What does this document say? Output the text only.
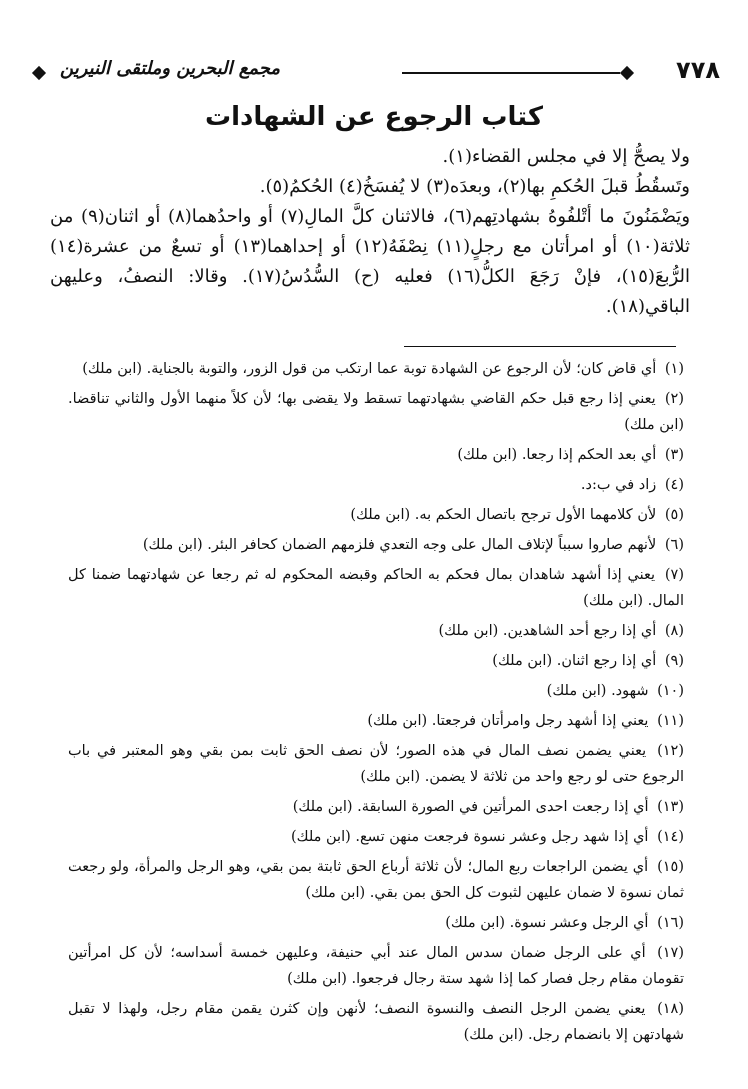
٧٧٨
مجمع البحرين وملتقى النيرين
كتاب الرجوع عن الشهادات

ولا يصحُّ إلا في مجلس القضاء(١).

وتَسقُطُ قبلَ الحُكمِ بها(٢)، وبعدَه(٣) لا يُفسَخُ(٤) الحُكمُ(٥).

ويَضْمَنُونَ ما أتْلفُوهُ بشهادتِهم(٦)، فالاثنان كلَّ المالِ(٧) أو واحدُهما(٨) أو اثنان(٩) من ثلاثة(١٠) أو امرأتان مع رجلٍ(١١) نِصْفَهُ(١٢) أو إحداهما(١٣) أو تسعٌ من عشرة(١٤) الرُّبعَ(١٥)، فإنْ رَجَعَ الكلُّ(١٦) فعليه (ح) السُّدُسُ(١٧). وقالا: النصفُ، وعليهن الباقي(١٨).

(١) أي قاض كان؛ لأن الرجوع عن الشهادة توبة عما ارتكب من قول الزور، والتوبة بالجناية. (ابن ملك)

(٢) يعني إذا رجع قبل حكم القاضي بشهادتهما تسقط ولا يقضى بها؛ لأن كلاً منهما الأول والثاني تناقضا. (ابن ملك)

(٣) أي بعد الحكم إذا رجعا. (ابن ملك)

(٤) زاد في ب:د.

(٥) لأن كلامهما الأول ترجح باتصال الحكم به. (ابن ملك)

(٦) لأنهم صاروا سبباً لإتلاف المال على وجه التعدي فلزمهم الضمان كحافر البئر. (ابن ملك)

(٧) يعني إذا أشهد شاهدان بمال فحكم به الحاكم وقبضه المحكوم له ثم رجعا عن شهادتهما ضمنا كل المال. (ابن ملك)

(٨) أي إذا رجع أحد الشاهدين. (ابن ملك)

(٩) أي إذا رجع اثنان. (ابن ملك)

(١٠) شهود. (ابن ملك)

(١١) يعني إذا أشهد رجل وامرأتان فرجعتا. (ابن ملك)

(١٢) يعني يضمن نصف المال في هذه الصور؛ لأن نصف الحق ثابت بمن بقي وهو المعتبر في باب الرجوع حتى لو رجع واحد من ثلاثة لا يضمن. (ابن ملك)

(١٣) أي إذا رجعت احدى المرأتين في الصورة السابقة. (ابن ملك)

(١٤) أي إذا شهد رجل وعشر نسوة فرجعت منهن تسع. (ابن ملك)

(١٥) أي يضمن الراجعات ربع المال؛ لأن ثلاثة أرباع الحق ثابتة بمن بقي، وهو الرجل والمرأة، ولو رجعت ثمان نسوة لا ضمان عليهن لثبوت كل الحق بمن بقي. (ابن ملك)

(١٦) أي الرجل وعشر نسوة. (ابن ملك)

(١٧) أي على الرجل ضمان سدس المال عند أبي حنيفة، وعليهن خمسة أسداسه؛ لأن كل امرأتين تقومان مقام رجل فصار كما إذا شهد ستة رجال فرجعوا. (ابن ملك)

(١٨) يعني يضمن الرجل النصف والنسوة النصف؛ لأنهن وإن كثرن يقمن مقام رجل، ولهذا لا تقبل شهادتهن إلا بانضمام رجل. (ابن ملك)
